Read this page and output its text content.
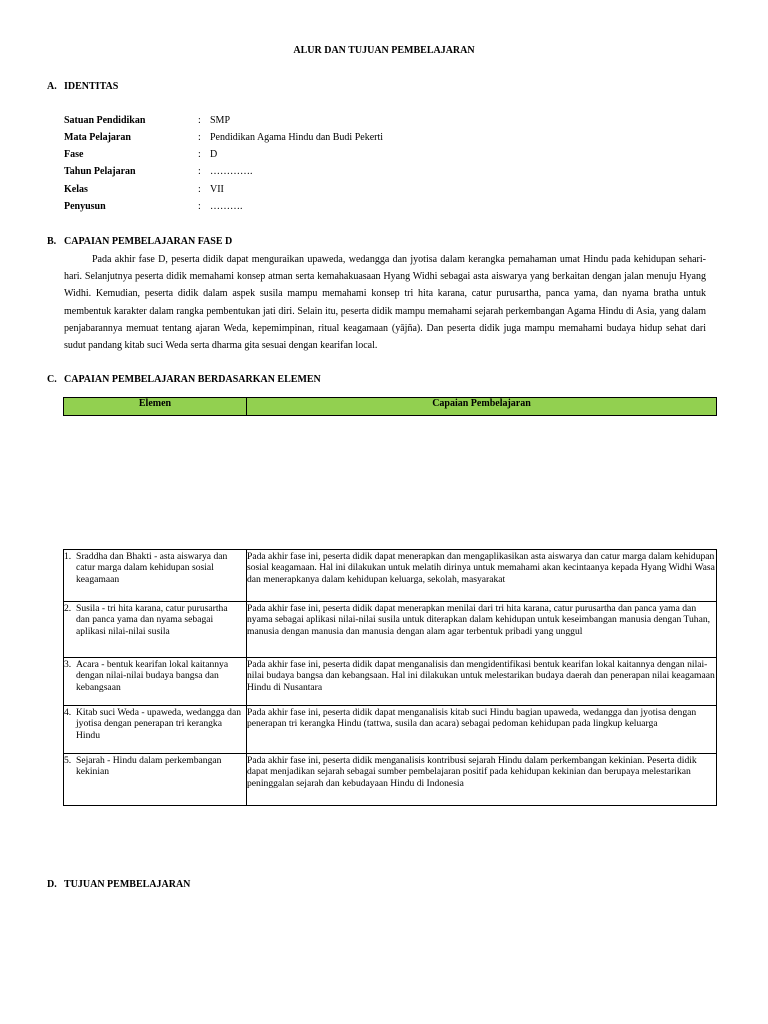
ALUR DAN TUJUAN PEMBELAJARAN
A. IDENTITAS
Satuan Pendidikan	: SMP
Mata Pelajaran	: Pendidikan Agama Hindu dan Budi Pekerti
Fase	: D
Tahun Pelajaran	: ………….
Kelas	: VII
Penyusun	: ……….
B. CAPAIAN PEMBELAJARAN FASE D

Pada akhir fase D, peserta didik dapat menguraikan upaweda, wedangga dan jyotisa dalam kerangka pemahaman umat Hindu pada kehidupan sehari-hari. Selanjutnya peserta didik memahami konsep atman serta kemahakuasaan Hyang Widhi sebagai asta aiswarya yang berkaitan dengan jalan menuju Hyang Widhi. Kemudian, peserta didik dalam aspek susila mampu memahami konsep tri hita karana, catur purusartha, panca yama, dan nyama bratha untuk membentuk karakter dalam rangka pembentukan jati diri. Selain itu, peserta didik mampu memahami sejarah perkembangan Agama Hindu di Asia, yang dalam penjabarannya memuat tentang ajaran Weda, kepemimpinan, ritual keagamaan (yājña). Dan peserta didik juga mampu memahami budaya hidup sehat dari sudut pandang kitab suci Weda serta dharma gita sesuai dengan kearifan local.

C. CAPAIAN PEMBELAJARAN BERDASARKAN ELEMEN
Elemen	Capaian Pembelajaran
1. Sraddha dan Bhakti - asta aiswarya dan catur marga dalam kehidupan sosial keagamaan	Pada akhir fase ini, peserta didik dapat menerapkan dan mengaplikasikan asta aiswarya dan catur marga dalam kehidupan sosial keagamaan. Hal ini dilakukan untuk melatih dirinya untuk memahami akan kecintaanya kepada Hyang Widhi Wasa dan menerapkanya dalam kehidupan keluarga, sekolah, masyarakat

2. Susila - tri hita karana, catur purusartha dan panca yama dan nyama sebagai aplikasi nilai-nilai susila	Pada akhir fase ini, peserta didik dapat menerapkan menilai dari tri hita karana, catur purusartha dan panca yama dan nyama sebagai aplikasi nilai-nilai susila untuk diterapkan dalam kehidupan untuk keseimbangan manusia dengan Tuhan, manusia dengan manusia dan manusia dengan alam agar terbentuk pribadi yang unggul

3. Acara - bentuk kearifan lokal kaitannya dengan nilai-nilai budaya bangsa dan kebangsaan	Pada akhir fase ini, peserta didik dapat menganalisis dan mengidentifikasi bentuk kearifan lokal kaitannya dengan nilai-nilai budaya bangsa dan kebangsaan. Hal ini dilakukan untuk melestarikan budaya daerah dan penerapan nilai keagamaan Hindu di Nusantara

4. Kitab suci Weda - upaweda, wedangga dan jyotisa dengan penerapan tri kerangka Hindu	Pada akhir fase ini, peserta didik dapat menganalisis kitab suci Hindu bagian upaweda, wedangga dan jyotisa dengan penerapan tri kerangka Hindu (tattwa, susila dan acara) sebagai pedoman kehidupan pada lingkup keluarga

5. Sejarah - Hindu dalam perkembangan kekinian	Pada akhir fase ini, peserta didik menganalisis kontribusi sejarah Hindu dalam perkembangan kekinian. Peserta didik dapat menjadikan sejarah sebagai sumber pembelajaran positif pada kehidupan kekinian dan berupaya melestarikan peninggalan sejarah dan kebudayaan Hindu di Indonesia
D. TUJUAN PEMBELAJARAN
